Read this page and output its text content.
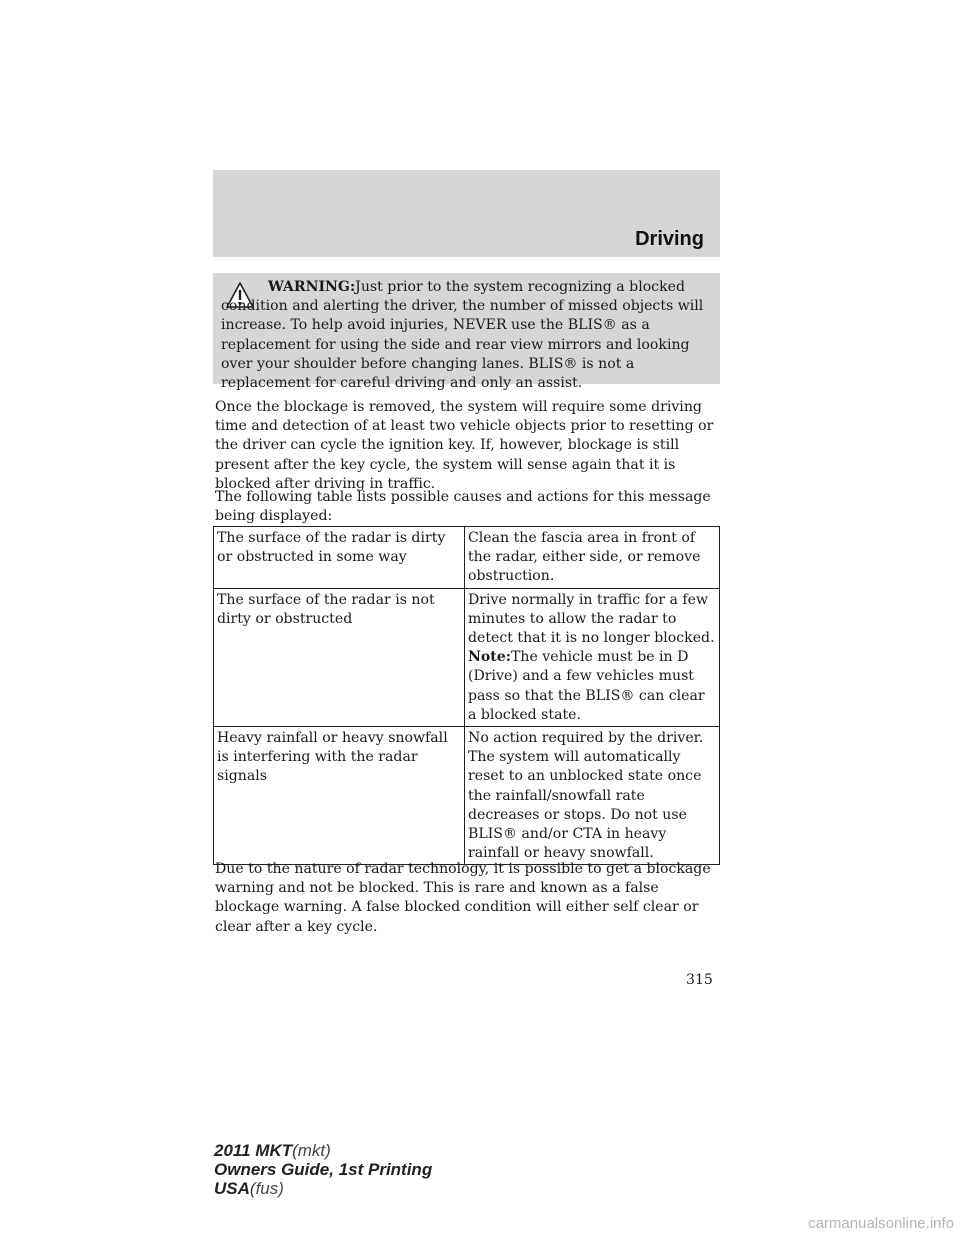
Driving

WARNING:Just prior to the system recognizing a blocked condition and alerting the driver, the number of missed objects will increase. To help avoid injuries, NEVER use the BLIS® as a replacement for using the side and rear view mirrors and looking over your shoulder before changing lanes. BLIS® is not a replacement for careful driving and only an assist.

Once the blockage is removed, the system will require some driving time and detection of at least two vehicle objects prior to resetting or the driver can cycle the ignition key. If, however, blockage is still present after the key cycle, the system will sense again that it is blocked after driving in traffic.

The following table lists possible causes and actions for this message being displayed:

The surface of the radar is dirty or obstructed in some way	Clean the fascia area in front of the radar, either side, or remove obstruction.
The surface of the radar is not dirty or obstructed	Drive normally in traffic for a few minutes to allow the radar to detect that it is no longer blocked.
Note:The vehicle must be in D (Drive) and a few vehicles must pass so that the BLIS® can clear a blocked state.

Heavy rainfall or heavy snowfall is interfering with the radar signals	No action required by the driver. The system will automatically reset to an unblocked state once the rainfall/snowfall rate decreases or stops. Do not use BLIS® and/or CTA in heavy rainfall or heavy snowfall.

Due to the nature of radar technology, it is possible to get a blockage warning and not be blocked. This is rare and known as a false blockage warning. A false blocked condition will either self clear or clear after a key cycle.

315
2011 MKT(mkt)
Owners Guide, 1st Printing
USA(fus)
carmanualsonline.info
